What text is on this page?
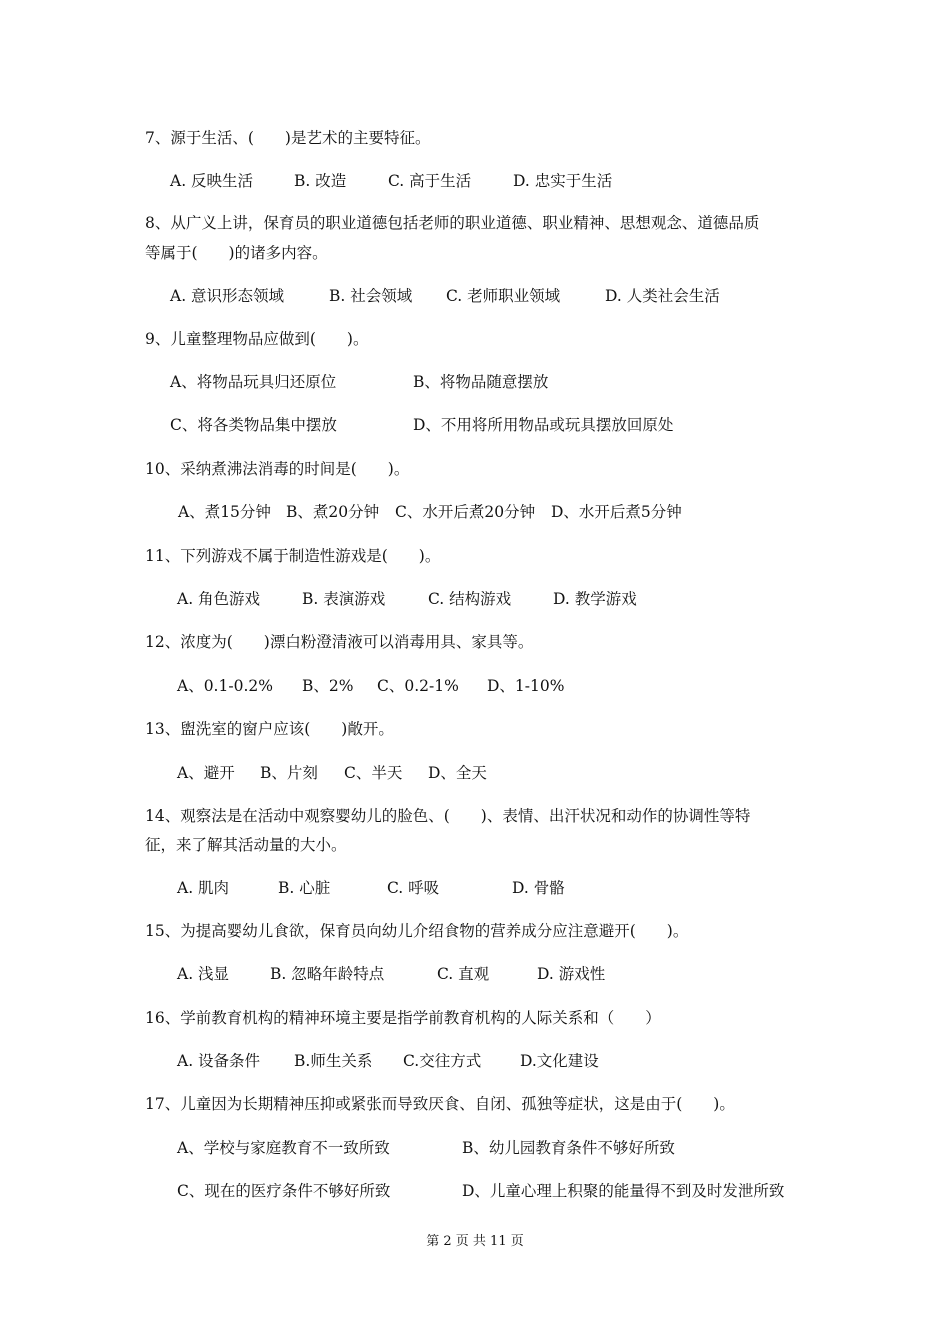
7、源于生活、(　　)是艺术的主要特征。
A. 反映生活	B. 改造	C. 高于生活	D. 忠实于生活
8、从广义上讲，保育员的职业道德包括老师的职业道德、职业精神、思想观念、道德品质
等属于(　　)的诸多内容。
A. 意识形态领域	B. 社会领域 C. 老师职业领域	D. 人类社会生活
9、儿童整理物品应做到(　　)。
A、将物品玩具归还原位	B、将物品随意摆放
C、将各类物品集中摆放	D、不用将所用物品或玩具摆放回原处
10、采纳煮沸法消毒的时间是(　　)。
A、煮15分钟 B、煮20分钟 C、水开后煮20分钟 D、水开后煮5分钟
11、下列游戏不属于制造性游戏是(　　)。
A. 角色游戏	B. 表演游戏	C. 结构游戏	D. 教学游戏
12、浓度为(　　)漂白粉澄清液可以消毒用具、家具等。
A、0.1-0.2% B、2% C、0.2-1% D、1-10%
13、盥洗室的窗户应该(　　)敞开。
A、避开 B、片刻 C、半天 D、全天
14、观察法是在活动中观察婴幼儿的脸色、(　　)、表情、出汗状况和动作的协调性等特
征，来了解其活动量的大小。
A. 肌肉	B. 心脏	C. 呼吸	D. 骨骼
15、为提高婴幼儿食欲，保育员向幼儿介绍食物的营养成分应注意避开(　　)。
A. 浅显	B. 忽略年龄特点	C. 直观	D. 游戏性
16、学前教育机构的精神环境主要是指学前教育机构的人际关系和（　　）
A. 设备条件 B.师生关系 C.交往方式	D.文化建设
17、儿童因为长期精神压抑或紧张而导致厌食、自闭、孤独等症状，这是由于(　　)。
A、学校与家庭教育不一致所致	B、幼儿园教育条件不够好所致
C、现在的医疗条件不够好所致	D、儿童心理上积聚的能量得不到及时发泄所致
第 2 页 共 11 页
